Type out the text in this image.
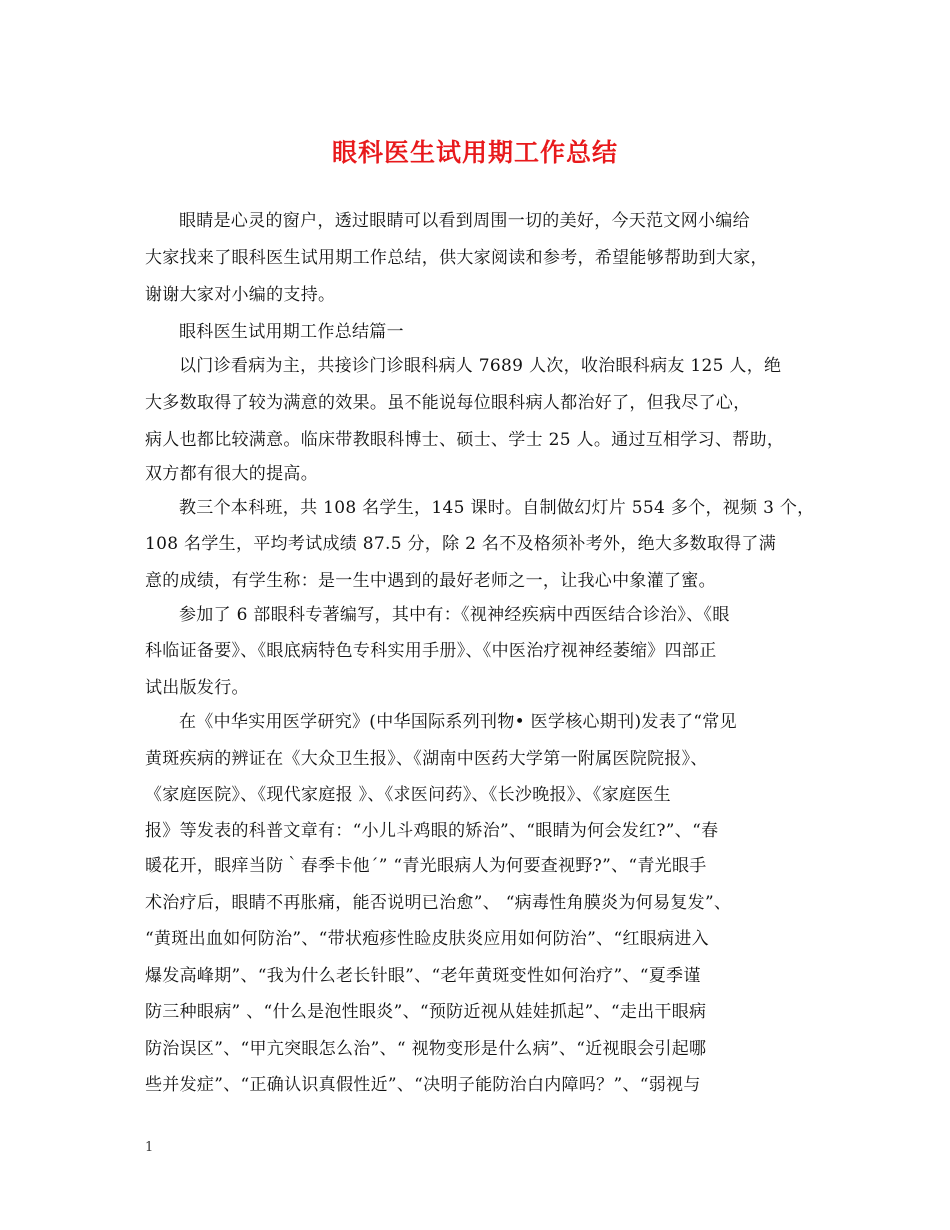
眼科医生试用期工作总结
眼睛是心灵的窗户，透过眼睛可以看到周围一切的美好，今天范文网小编给
大家找来了眼科医生试用期工作总结，供大家阅读和参考，希望能够帮助到大家，
谢谢大家对小编的支持。
眼科医生试用期工作总结篇一
以门诊看病为主，共接诊门诊眼科病人 7689 人次，收治眼科病友 125 人，绝
大多数取得了较为满意的效果。虽不能说每位眼科病人都治好了，但我尽了心，
病人也都比较满意。临床带教眼科博士、硕士、学士 25 人。通过互相学习、帮助，
双方都有很大的提高。
教三个本科班，共 108 名学生，145 课时。自制做幻灯片 554 多个，视频 3 个，
108 名学生，平均考试成绩 87.5 分，除 2 名不及格须补考外，绝大多数取得了满
意的成绩，有学生称：是一生中遇到的最好老师之一，让我心中象灌了蜜。
参加了 6 部眼科专著编写，其中有：《视神经疾病中西医结合诊治》、《眼
科临证备要》、《眼底病特色专科实用手册》、《中医治疗视神经萎缩》四部正
试出版发行。
在《中华实用医学研究》(中华国际系列刊物• 医学核心期刊)发表了“常见
黄斑疾病的辨证在《大众卫生报》、《湖南中医药大学第一附属医院院报》、
《家庭医院》、《现代家庭报 》、《求医问药》、《长沙晚报》、《家庭医生
报》等发表的科普文章有：“小儿斗鸡眼的矫治”、“眼睛为何会发红?”、“春
暖花开，眼痒当防｀春季卡他´” “青光眼病人为何要查视野?”、“青光眼手
术治疗后，眼睛不再胀痛，能否说明已治愈”、 “病毒性角膜炎为何易复发”、
“黄斑出血如何防治”、“带状疱疹性睑皮肤炎应用如何防治”、“红眼病进入
爆发高峰期”、“我为什么老长针眼”、“老年黄斑变性如何治疗”、“夏季谨
防三种眼病” 、“什么是泡性眼炎”、“预防近视从娃娃抓起”、“走出干眼病
防治误区”、“甲亢突眼怎么治”、“ 视物变形是什么病”、“近视眼会引起哪
些并发症”、“正确认识真假性近”、“决明子能防治白内障吗？”、“弱视与
1
